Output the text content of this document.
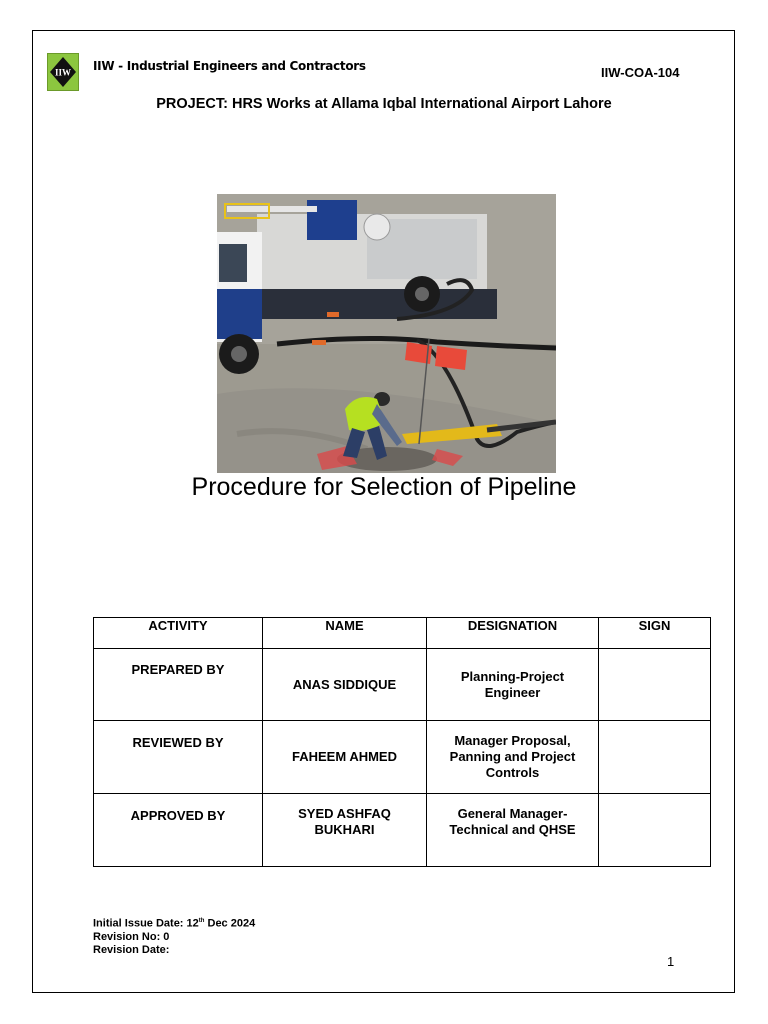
IIW IIW - Industrial Engineers and Contractors	IIW-COA-104
PROJECT: HRS Works at Allama Iqbal International Airport Lahore
Procedure for Selection of Pipeline
ACTIVITY	NAME	DESIGNATION	SIGN
PREPARED BY	ANAS SIDDIQUE	Planning-Project Engineer	
REVIEWED BY	FAHEEM AHMED	Manager Proposal, Panning and Project Controls	
APPROVED BY	SYED ASHFAQ BUKHARI	General Manager-Technical and QHSE	
Initial Issue Date: 12th Dec 2024
Revision No: 0
Revision Date:
1
